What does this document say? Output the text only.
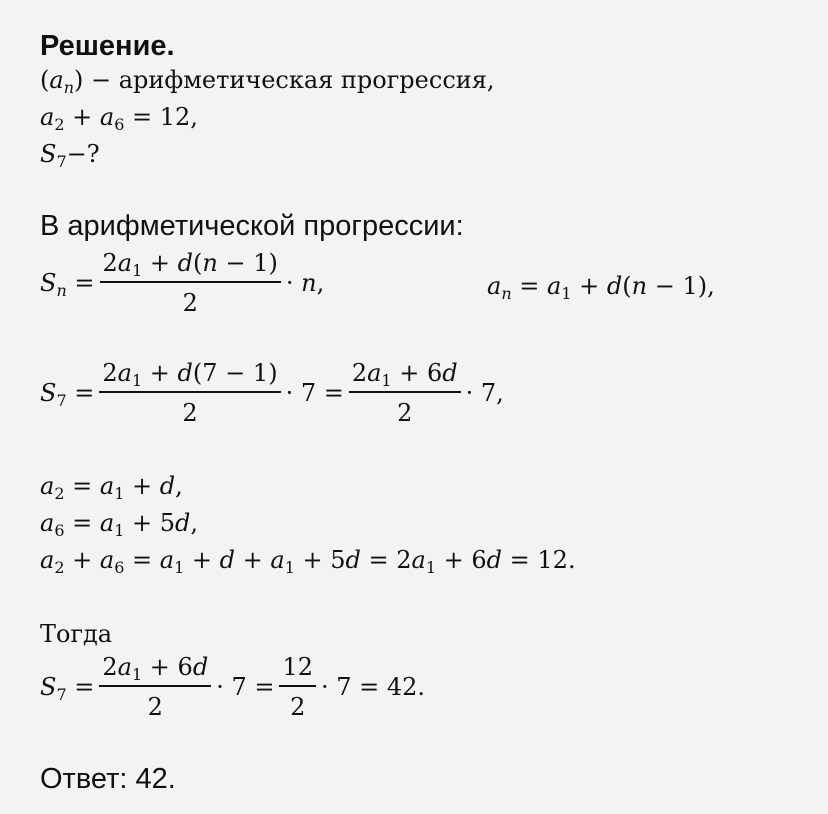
Решение.
$(a_n)$ − арифметическая прогрессия,
$a_2 + a_6 = 12$,
$S_7-$?
В арифметической прогрессии:
$S_n = \frac{2a_1 + d(n - 1)}{2} \cdot n$,	$a_n = a_1 + d(n - 1)$,
$S_7 = \frac{2a_1 + d(7 - 1)}{2} \cdot 7 = \frac{2a_1 + 6d}{2} \cdot 7$,
$a_2 = a_1 + d$,
$a_6 = a_1 + 5d$,
$a_2 + a_6 = a_1 + d + a_1 + 5d = 2a_1 + 6d = 12$.
Тогда
$S_7 = \frac{2a_1 + 6d}{2} \cdot 7 = \frac{12}{2} \cdot 7 = 42$.
Ответ: 42.
